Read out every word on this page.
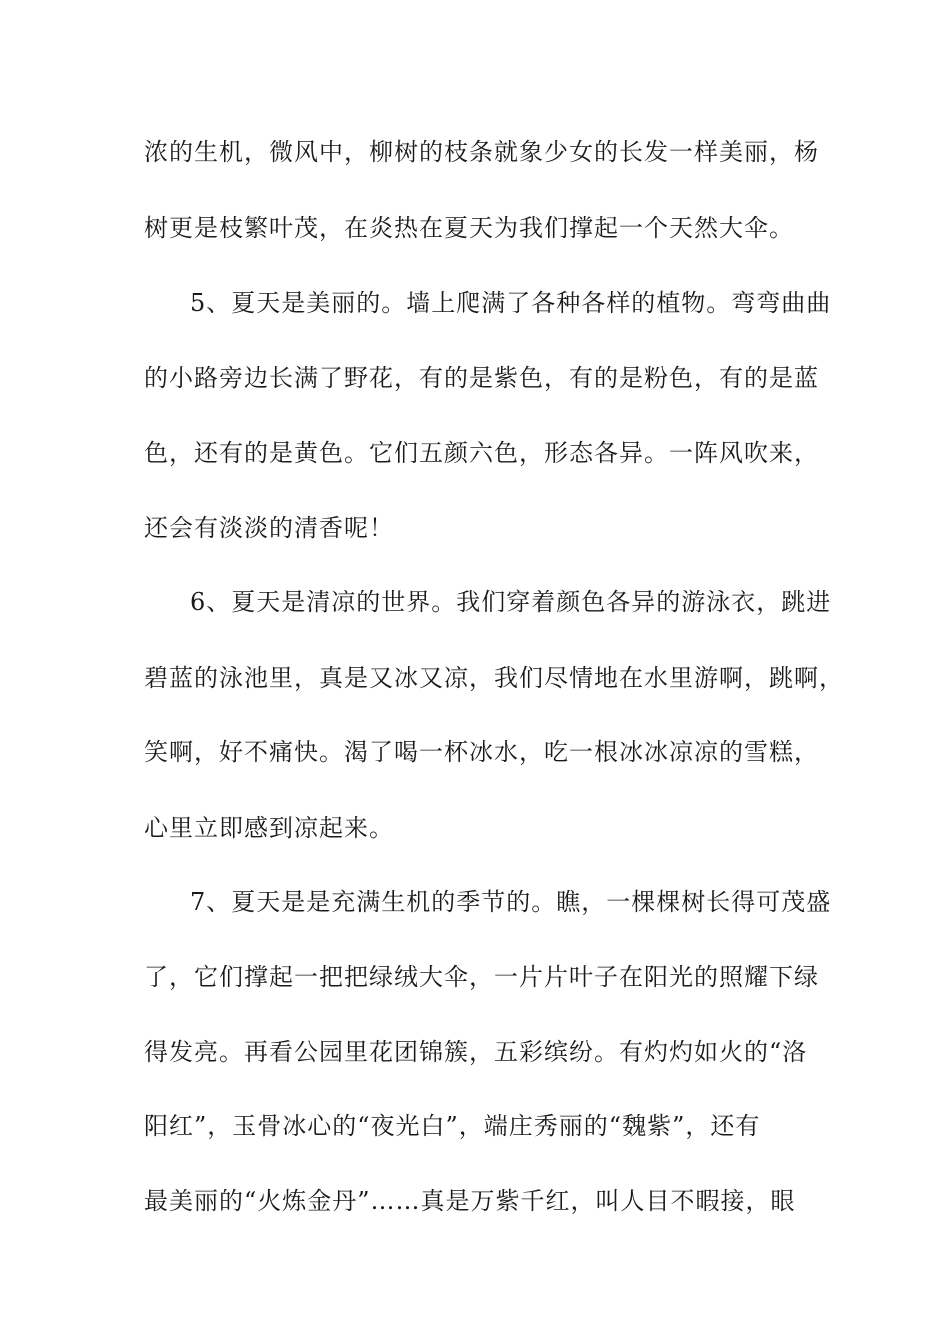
浓的生机，微风中，柳树的枝条就象少女的长发一样美丽，杨
树更是枝繁叶茂，在炎热在夏天为我们撑起一个天然大伞。
5、夏天是美丽的。墙上爬满了各种各样的植物。弯弯曲曲
的小路旁边长满了野花，有的是紫色，有的是粉色，有的是蓝
色，还有的是黄色。它们五颜六色，形态各异。一阵风吹来，
还会有淡淡的清香呢！
6、夏天是清凉的世界。我们穿着颜色各异的游泳衣，跳进
碧蓝的泳池里，真是又冰又凉，我们尽情地在水里游啊，跳啊，
笑啊，好不痛快。渴了喝一杯冰水，吃一根冰冰凉凉的雪糕，
心里立即感到凉起来。
7、夏天是是充满生机的季节的。瞧，一棵棵树长得可茂盛
了，它们撑起一把把绿绒大伞，一片片叶子在阳光的照耀下绿
得发亮。再看公园里花团锦簇，五彩缤纷。有灼灼如火的“洛
阳红”，玉骨冰心的“夜光白”，端庄秀丽的“魏紫”，还有
最美丽的“火炼金丹”……真是万紫千红，叫人目不暇接，眼
